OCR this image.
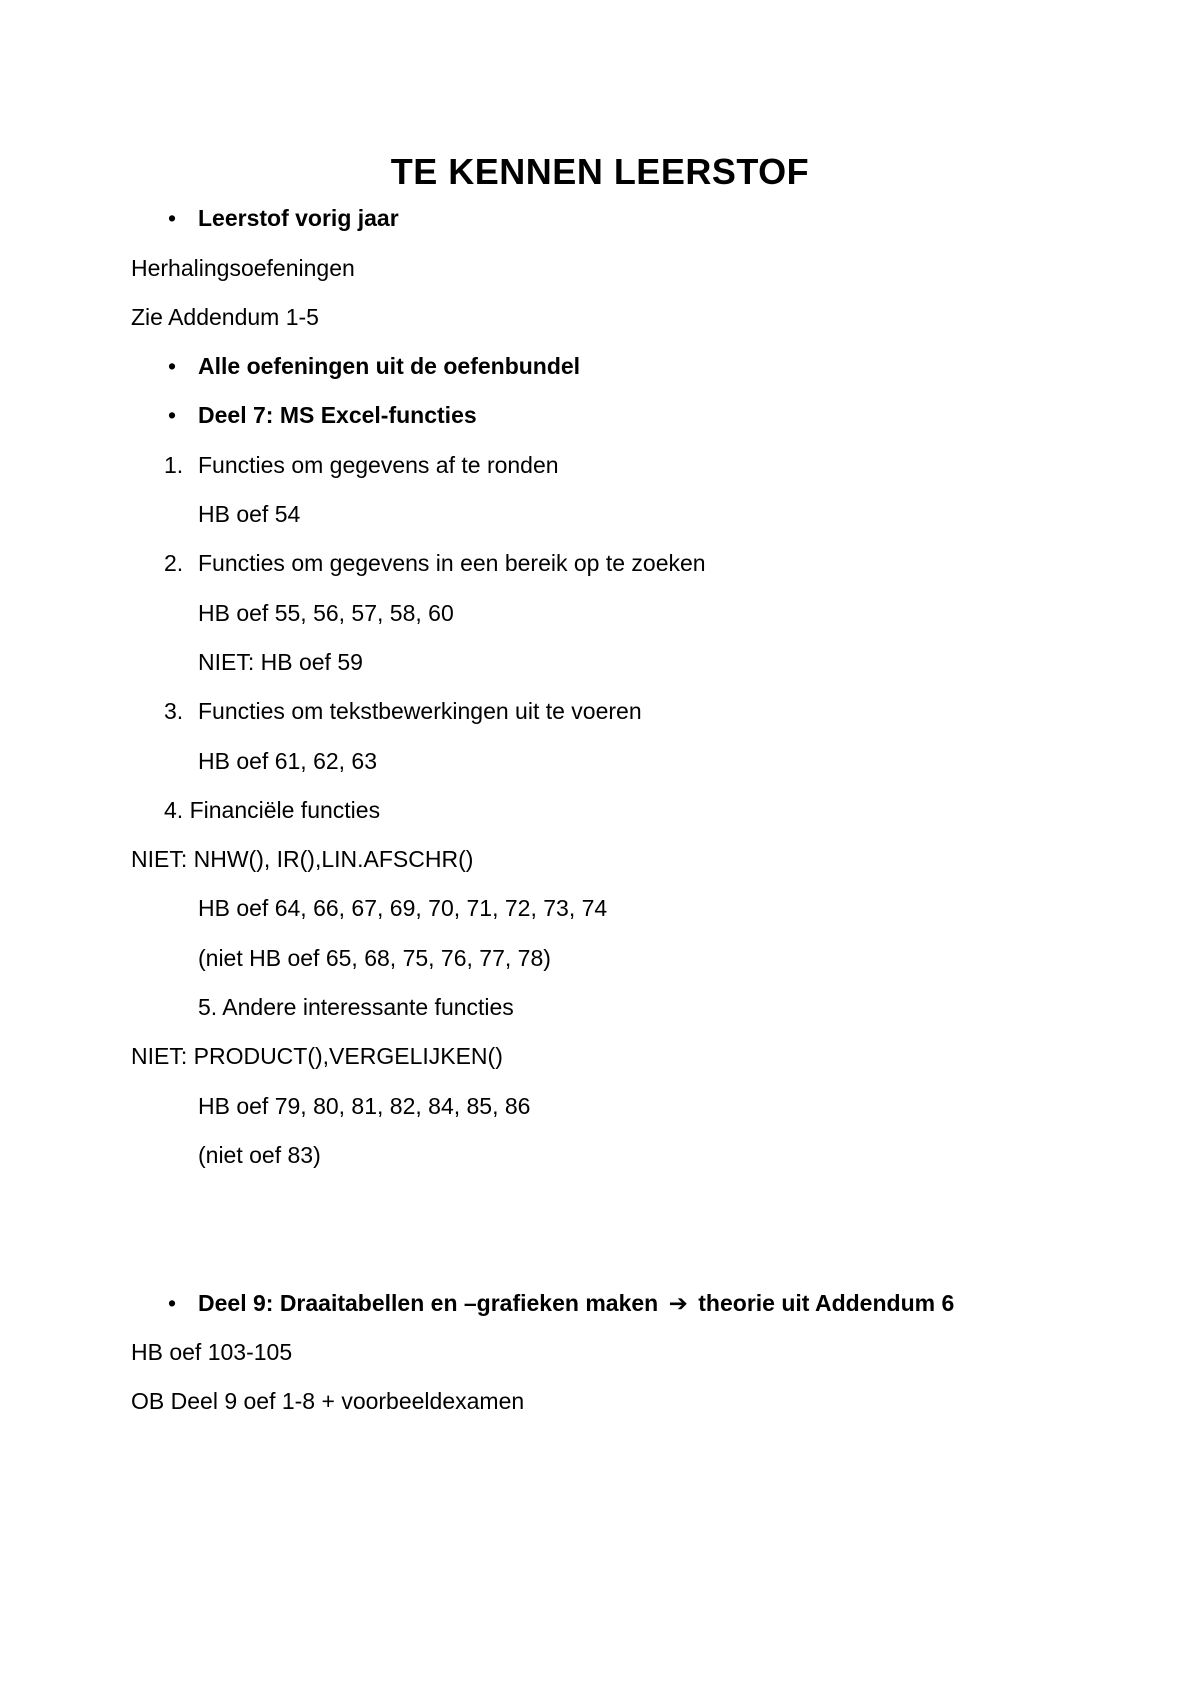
TE KENNEN LEERSTOF
• Leerstof vorig jaar
Herhalingsoefeningen
Zie Addendum 1-5
• Alle oefeningen uit de oefenbundel
• Deel 7: MS Excel-functies
1. Functies om gegevens af te ronden
HB oef 54
2. Functies om gegevens in een bereik op te zoeken
HB oef 55, 56, 57, 58, 60
NIET: HB oef 59
3. Functies om tekstbewerkingen uit te voeren
HB oef 61, 62, 63
4. Financiële functies
NIET: NHW(), IR(),LIN.AFSCHR()
HB oef 64, 66, 67, 69, 70, 71, 72, 73, 74
(niet HB oef 65, 68, 75, 76, 77, 78)
5. Andere interessante functies
NIET: PRODUCT(),VERGELIJKEN()
HB oef 79, 80, 81, 82, 84, 85, 86
(niet oef 83)
• Deel 9: Draaitabellen en –grafieken maken ➔ theorie uit Addendum 6
HB oef 103-105
OB Deel 9 oef 1-8 + voorbeeldexamen
